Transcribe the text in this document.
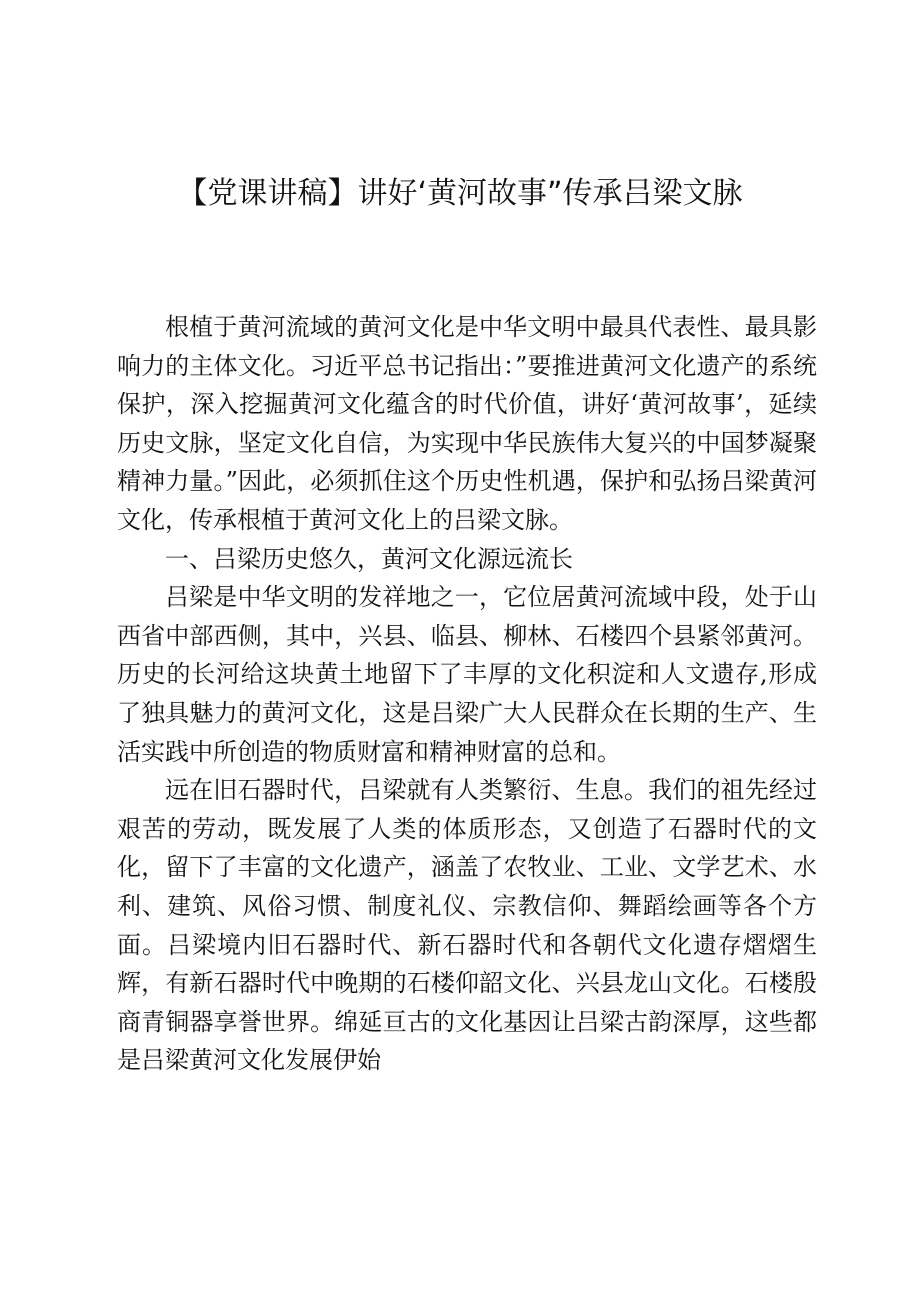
【党课讲稿】讲好‘黄河故事”传承吕梁文脉

根植于黄河流域的黄河文化是中华文明中最具代表性、最具影响力的主体文化。习近平总书记指出：”要推进黄河文化遗产的系统保护，深入挖掘黄河文化蕴含的时代价值，讲好‘黄河故事’，延续历史文脉，坚定文化自信，为实现中华民族伟大复兴的中国梦凝聚精神力量。”因此，必须抓住这个历史性机遇，保护和弘扬吕梁黄河文化，传承根植于黄河文化上的吕梁文脉。

一、吕梁历史悠久，黄河文化源远流长

吕梁是中华文明的发祥地之一，它位居黄河流域中段，处于山西省中部西侧，其中，兴县、临县、柳林、石楼四个县紧邻黄河。历史的长河给这块黄土地留下了丰厚的文化积淀和人文遗存,形成了独具魅力的黄河文化，这是吕梁广大人民群众在长期的生产、生活实践中所创造的物质财富和精神财富的总和。

远在旧石器时代，吕梁就有人类繁衍、生息。我们的祖先经过艰苦的劳动，既发展了人类的体质形态，又创造了石器时代的文化，留下了丰富的文化遗产，涵盖了农牧业、工业、文学艺术、水利、建筑、风俗习惯、制度礼仪、宗教信仰、舞蹈绘画等各个方面。吕梁境内旧石器时代、新石器时代和各朝代文化遗存熠熠生辉，有新石器时代中晚期的石楼仰韶文化、兴县龙山文化。石楼殷商青铜器享誉世界。绵延亘古的文化基因让吕梁古韵深厚，这些都是吕梁黄河文化发展伊始
